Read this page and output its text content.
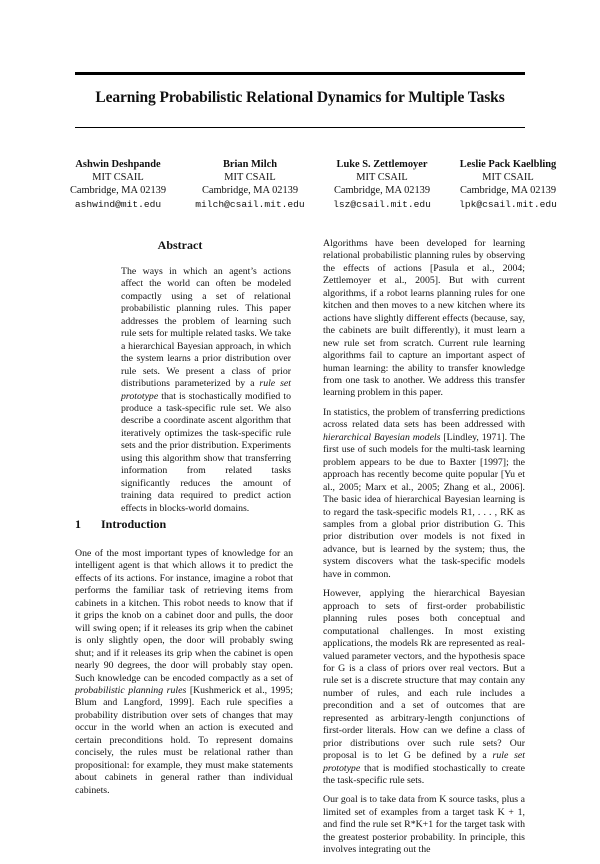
Learning Probabilistic Relational Dynamics for Multiple Tasks
Ashwin Deshpande
MIT CSAIL
Cambridge, MA 02139
ashwind@mit.edu
Brian Milch
MIT CSAIL
Cambridge, MA 02139
milch@csail.mit.edu
Luke S. Zettlemoyer
MIT CSAIL
Cambridge, MA 02139
lsz@csail.mit.edu
Leslie Pack Kaelbling
MIT CSAIL
Cambridge, MA 02139
lpk@csail.mit.edu
Abstract

The ways in which an agent’s actions affect the world can often be modeled compactly using a set of relational probabilistic planning rules. This paper addresses the problem of learning such rule sets for multiple related tasks. We take a hierarchical Bayesian approach, in which the system learns a prior distribution over rule sets. We present a class of prior distributions parameterized by a rule set prototype that is stochastically modified to produce a task-specific rule set. We also describe a coordinate ascent algorithm that iteratively optimizes the task-specific rule sets and the prior distribution. Experiments using this algorithm show that transferring information from related tasks significantly reduces the amount of training data required to predict action effects in blocks-world domains.

1 Introduction

One of the most important types of knowledge for an intelligent agent is that which allows it to predict the effects of its actions. For instance, imagine a robot that performs the familiar task of retrieving items from cabinets in a kitchen. This robot needs to know that if it grips the knob on a cabinet door and pulls, the door will swing open; if it releases its grip when the cabinet is only slightly open, the door will probably swing shut; and if it releases its grip when the cabinet is open nearly 90 degrees, the door will probably stay open. Such knowledge can be encoded compactly as a set of probabilistic planning rules [Kushmerick et al., 1995; Blum and Langford, 1999]. Each rule specifies a probability distribution over sets of changes that may occur in the world when an action is executed and certain preconditions hold. To represent domains concisely, the rules must be relational rather than propositional: for example, they must make statements about cabinets in general rather than individual cabinets.

Algorithms have been developed for learning relational probabilistic planning rules by observing the effects of actions [Pasula et al., 2004; Zettlemoyer et al., 2005]. But with current algorithms, if a robot learns planning rules for one kitchen and then moves to a new kitchen where its actions have slightly different effects (because, say, the cabinets are built differently), it must learn a new rule set from scratch. Current rule learning algorithms fail to capture an important aspect of human learning: the ability to transfer knowledge from one task to another. We address this transfer learning problem in this paper.

In statistics, the problem of transferring predictions across related data sets has been addressed with hierarchical Bayesian models [Lindley, 1971]. The first use of such models for the multi-task learning problem appears to be due to Baxter [1997]; the approach has recently become quite popular [Yu et al., 2005; Marx et al., 2005; Zhang et al., 2006]. The basic idea of hierarchical Bayesian learning is to regard the task-specific models R1, . . . , RK as samples from a global prior distribution G. This prior distribution over models is not fixed in advance, but is learned by the system; thus, the system discovers what the task-specific models have in common.

However, applying the hierarchical Bayesian approach to sets of first-order probabilistic planning rules poses both conceptual and computational challenges. In most existing applications, the models Rk are represented as real-valued parameter vectors, and the hypothesis space for G is a class of priors over real vectors. But a rule set is a discrete structure that may contain any number of rules, and each rule includes a precondition and a set of outcomes that are represented as arbitrary-length conjunctions of first-order literals. How can we define a class of prior distributions over such rule sets? Our proposal is to let G be defined by a rule set prototype that is modified stochastically to create the task-specific rule sets.

Our goal is to take data from K source tasks, plus a limited set of examples from a target task K + 1, and find the rule set R*K+1 for the target task with the greatest posterior probability. In principle, this involves integrating out the
